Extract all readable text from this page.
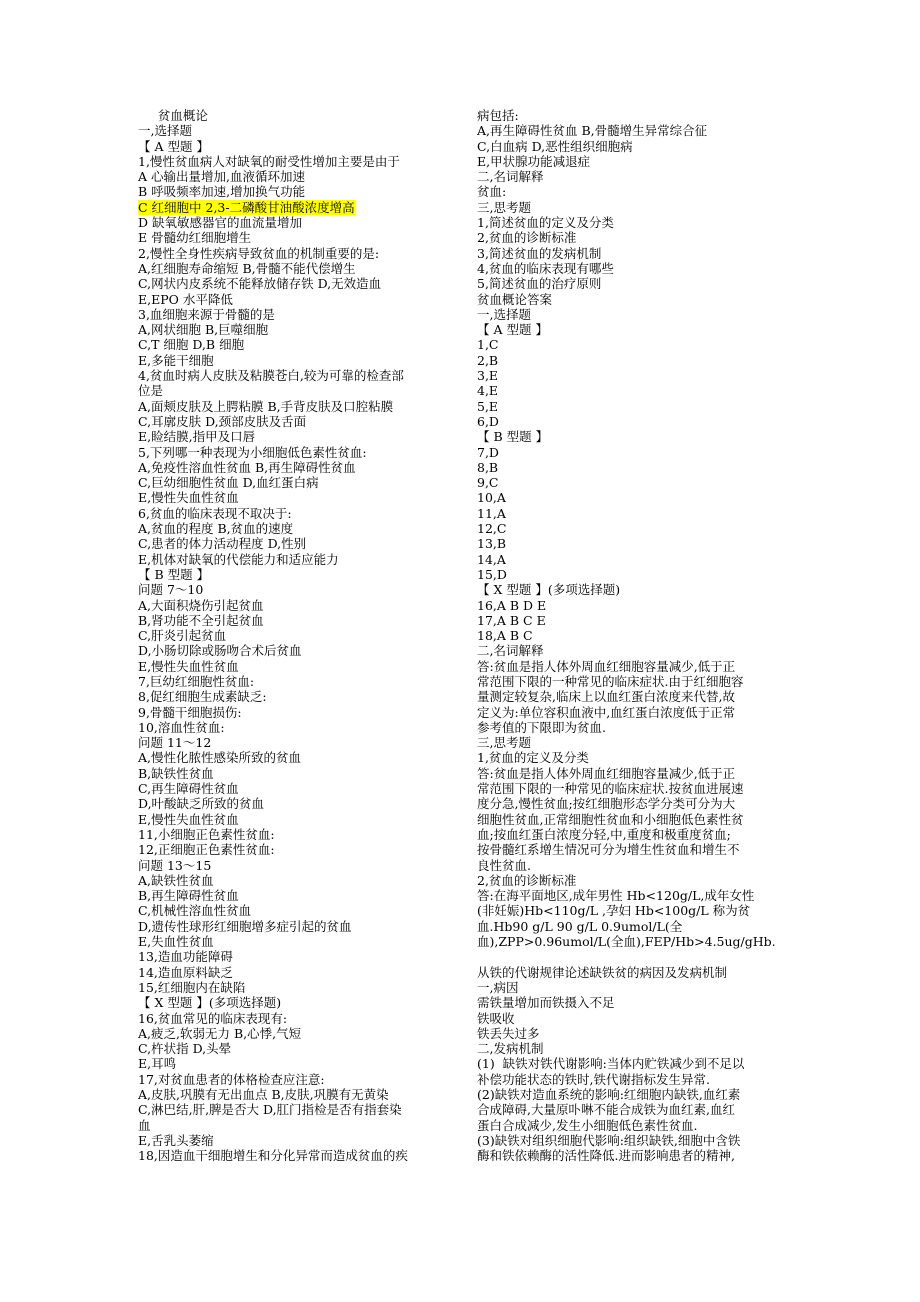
贫血概论
一,选择题
【 A 型题 】
1,慢性贫血病人对缺氧的耐受性增加主要是由于
A 心输出量增加,血液循环加速
B 呼吸频率加速,增加换气功能
C 红细胞中 2,3-二磷酸甘油酸浓度增高
D 缺氧敏感器官的血流量增加
E 骨髓幼红细胞增生
2,慢性全身性疾病导致贫血的机制重要的是:
A,红细胞寿命缩短 B,骨髓不能代偿增生
C,网状内皮系统不能释放储存铁 D,无效造血
E,EPO 水平降低
3,血细胞来源于骨髓的是
A,网状细胞 B,巨噬细胞
C,T 细胞 D,B 细胞
E,多能干细胞
4,贫血时病人皮肤及粘膜苍白,较为可靠的检查部
位是
A,面颊皮肤及上腭粘膜 B,手背皮肤及口腔粘膜
C,耳廓皮肤 D,颈部皮肤及舌面
E,睑结膜,指甲及口唇
5,下列哪一种表现为小细胞低色素性贫血:
A,免疫性溶血性贫血 B,再生障碍性贫血
C,巨幼细胞性贫血 D,血红蛋白病
E,慢性失血性贫血
6,贫血的临床表现不取决于:
A,贫血的程度 B,贫血的速度
C,患者的体力活动程度 D,性别
E,机体对缺氧的代偿能力和适应能力
【 B 型题 】
问题 7～10
A,大面积烧伤引起贫血
B,肾功能不全引起贫血
C,肝炎引起贫血
D,小肠切除或肠吻合术后贫血
E,慢性失血性贫血
7,巨幼红细胞性贫血:
8,促红细胞生成素缺乏:
9,骨髓干细胞损伤:
10,溶血性贫血:
问题 11～12
A,慢性化脓性感染所致的贫血
B,缺铁性贫血
C,再生障碍性贫血
D,叶酸缺乏所致的贫血
E,慢性失血性贫血
11,小细胞正色素性贫血:
12,正细胞正色素性贫血:
问题 13～15
A,缺铁性贫血
B,再生障碍性贫血
C,机械性溶血性贫血
D,遗传性球形红细胞增多症引起的贫血
E,失血性贫血
13,造血功能障碍
14,造血原料缺乏
15,红细胞内在缺陷
【 X 型题 】(多项选择题)
16,贫血常见的临床表现有:
A,疲乏,软弱无力 B,心悸,气短
C,杵状指 D,头晕
E,耳鸣
17,对贫血患者的体格检查应注意:
A,皮肤,巩膜有无出血点 B,皮肤,巩膜有无黄染
C,淋巴结,肝,脾是否大 D,肛门指检是否有指套染
血
E,舌乳头萎缩
18,因造血干细胞增生和分化异常而造成贫血的疾
病包括:
A,再生障碍性贫血 B,骨髓增生异常综合征
C,白血病 D,恶性组织细胞病
E,甲状腺功能减退症
二,名词解释
贫血:
三,思考题
1,简述贫血的定义及分类
2,贫血的诊断标准
3,简述贫血的发病机制
4,贫血的临床表现有哪些
5,简述贫血的治疗原则
贫血概论答案
一,选择题
【 A 型题 】
1,C
2,B
3,E
4,E
5,E
6,D
【 B 型题 】
7,D
8,B
9,C
10,A
11,A
12,C
13,B
14,A
15,D
【 X 型题 】(多项选择题)
16,A B D E
17,A B C E
18,A B C
二,名词解释
答:贫血是指人体外周血红细胞容量减少,低于正
常范围下限的一种常见的临床症状.由于红细胞容
量测定较复杂,临床上以血红蛋白浓度来代替,故
定义为:单位容积血液中,血红蛋白浓度低于正常
参考值的下限即为贫血.
三,思考题
1,贫血的定义及分类
答:贫血是指人体外周血红细胞容量减少,低于正
常范围下限的一种常见的临床症状.按贫血进展速
度分急,慢性贫血;按红细胞形态学分类可分为大
细胞性贫血,正常细胞性贫血和小细胞低色素性贫
血;按血红蛋白浓度分轻,中,重度和极重度贫血;
按骨髓红系增生情况可分为增生性贫血和增生不
良性贫血.
2,贫血的诊断标准
答:在海平面地区,成年男性 Hb<120g/L,成年女性
(非妊娠)Hb<110g/L ,孕妇 Hb<100g/L 称为贫
血.Hb90 g/L 90 g/L 0.9umol/L(全
血),ZPP>0.96umol/L(全血),FEP/Hb>4.5ug/gHb.
从铁的代谢规律论述缺铁贫的病因及发病机制
一,病因
需铁量增加而铁摄入不足
铁吸收
铁丢失过多
二,发病机制
(1)  缺铁对铁代谢影响:当体内贮铁减少到不足以
补偿功能状态的铁时,铁代谢指标发生异常.
(2)缺铁对造血系统的影响:红细胞内缺铁,血红素
合成障碍,大量原卟啉不能合成铁为血红素,血红
蛋白合成减少,发生小细胞低色素性贫血.
(3)缺铁对组织细胞代影响:组织缺铁,细胞中含铁
酶和铁依赖酶的活性降低.进而影响患者的精神,
